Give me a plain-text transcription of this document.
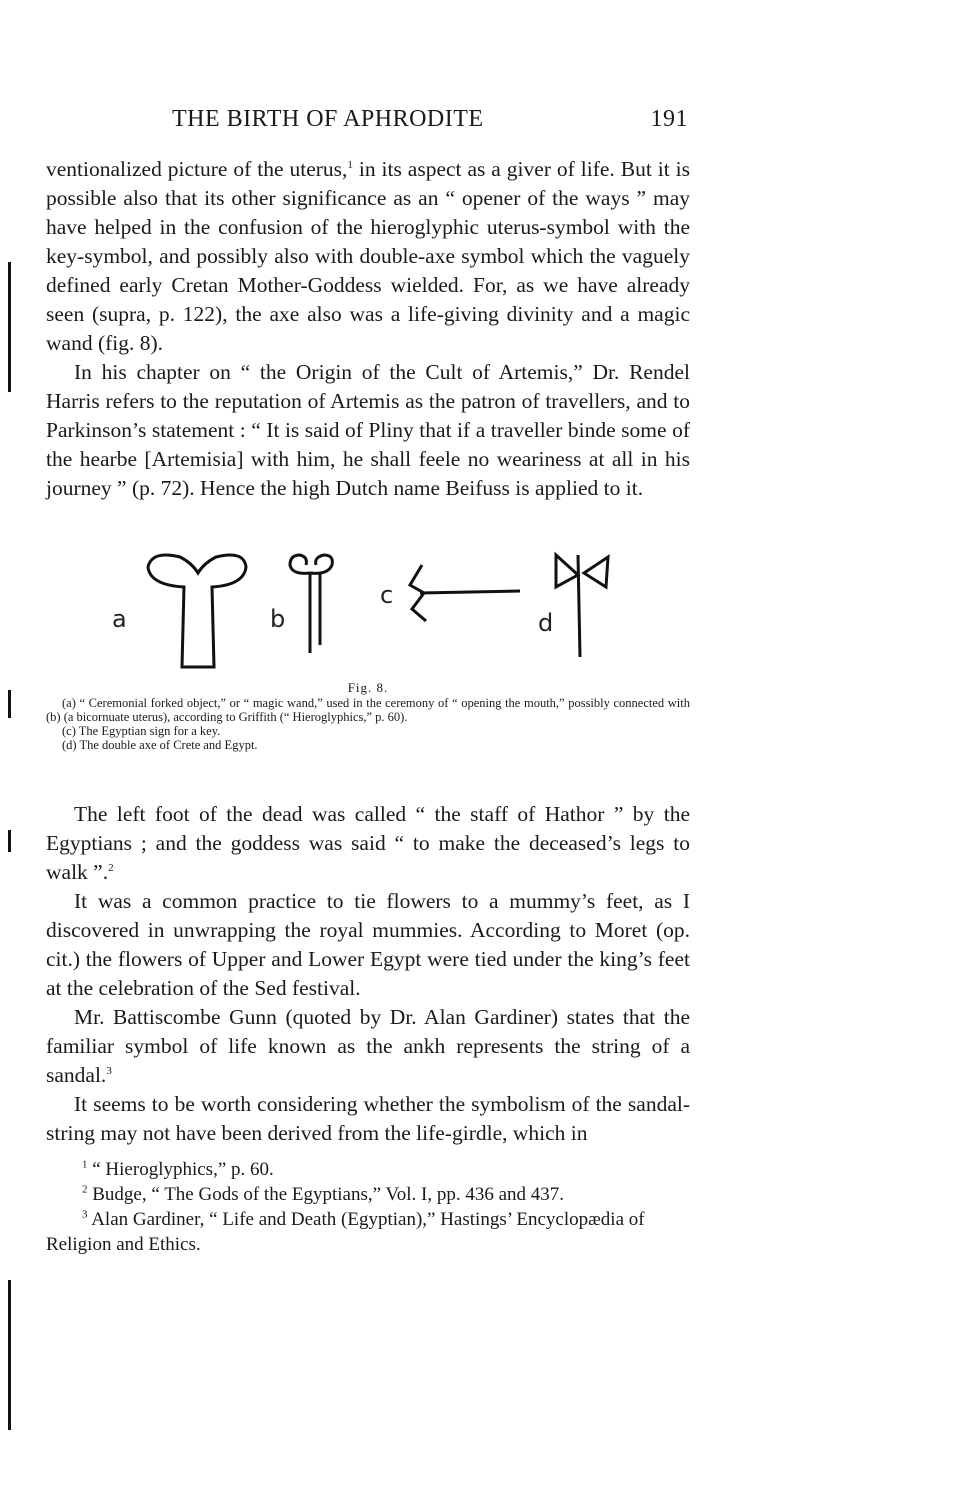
THE BIRTH OF APHRODITE	191

ventionalized picture of the uterus,$^1$ in its aspect as a giver of life. But it is possible also that its other significance as an “ opener of the ways ” may have helped in the confusion of the hieroglyphic uterus-symbol with the key-symbol, and possibly also with double-axe symbol which the vaguely defined early Cretan Mother-Goddess wielded. For, as we have already seen (supra, p. 122), the axe also was a life-giving divinity and a magic wand (fig. 8).

In his chapter on “ the Origin of the Cult of Artemis,” Dr. Rendel Harris refers to the reputation of Artemis as the patron of travellers, and to Parkinson’s statement : “ It is said of Pliny that if a traveller binde some of the hearbe [Artemisia] with him, he shall feele no weariness at all in his journey ” (p. 72). Hence the high Dutch name Beifuss is applied to it.

a	b
c
d
Fig. 8.

(a) “ Ceremonial forked object,” or “ magic wand,” used in the ceremony of “ opening the mouth,” possibly connected with (b) (a bicornuate uterus), according to Griffith (“ Hieroglyphics,” p. 60).

(c) The Egyptian sign for a key.

(d) The double axe of Crete and Egypt.

The left foot of the dead was called “ the staff of Hathor ” by the Egyptians ; and the goddess was said “ to make the deceased’s legs to walk ”.$^2$

It was a common practice to tie flowers to a mummy’s feet, as I discovered in unwrapping the royal mummies. According to Moret (op. cit.) the flowers of Upper and Lower Egypt were tied under the king’s feet at the celebration of the Sed festival.

Mr. Battiscombe Gunn (quoted by Dr. Alan Gardiner) states that the familiar symbol of life known as the ankh represents the string of a sandal.$^3$

It seems to be worth considering whether the symbolism of the sandal-string may not have been derived from the life-girdle, which in

$^1$ “ Hieroglyphics,” p. 60.

$^2$ Budge, “ The Gods of the Egyptians,” Vol. I, pp. 436 and 437.

$^3$ Alan Gardiner, “ Life and Death (Egyptian),” Hastings’ Encyclopædia of Religion and Ethics.
